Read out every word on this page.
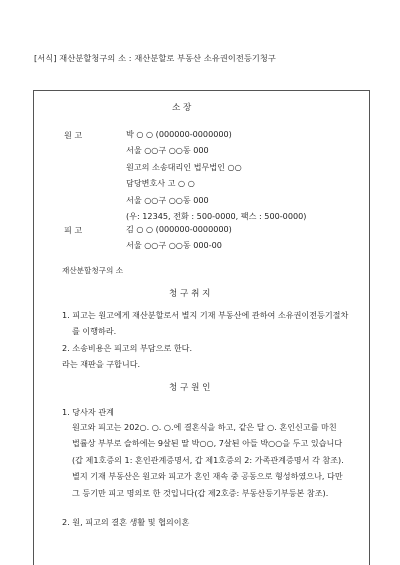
[서식] 재산분할청구의 소 : 재산분할로 부동산 소유권이전등기청구
소 장
원 고	박 ○ ○ (000000-0000000)
서울 ○○구 ○○동 000
원고의 소송대리인 법무법인 ○○
담당변호사 고 ○ ○
서울 ○○구 ○○동 000
(우: 12345, 전화 : 500-0000, 팩스 : 500-0000)
피 고	김 ○ ○ (000000-0000000)
서울 ○○구 ○○동 000-00
재산분할청구의 소
청 구 취 지
1. 피고는 원고에게 재산분할로서 별지 기재 부동산에 관하여 소유권이전등기절차
를 이행하라.
2. 소송비용은 피고의 부담으로 한다.
라는 재판을 구합니다.
청 구 원 인
1. 당사자 관계
원고와 피고는 202○. ○. ○.에 결혼식을 하고, 같은 달 ○. 혼인신고를 마친
법률상 부부로 슬하에는 9살된 딸 박○○, 7살된 아들 박○○을 두고 있습니다
(갑 제1호증의 1: 혼인관계증명서, 갑 제1호증의 2: 가족관계증명서 각 참조).
별지 기재 부동산은 원고와 피고가 혼인 재속 중 공동으로 형성하였으나, 다만
그 등기만 피고 명의로 한 것입니다(갑 제2호증: 부동산등기부등본 참조).
2. 원, 피고의 결혼 생활 및 협의이혼
